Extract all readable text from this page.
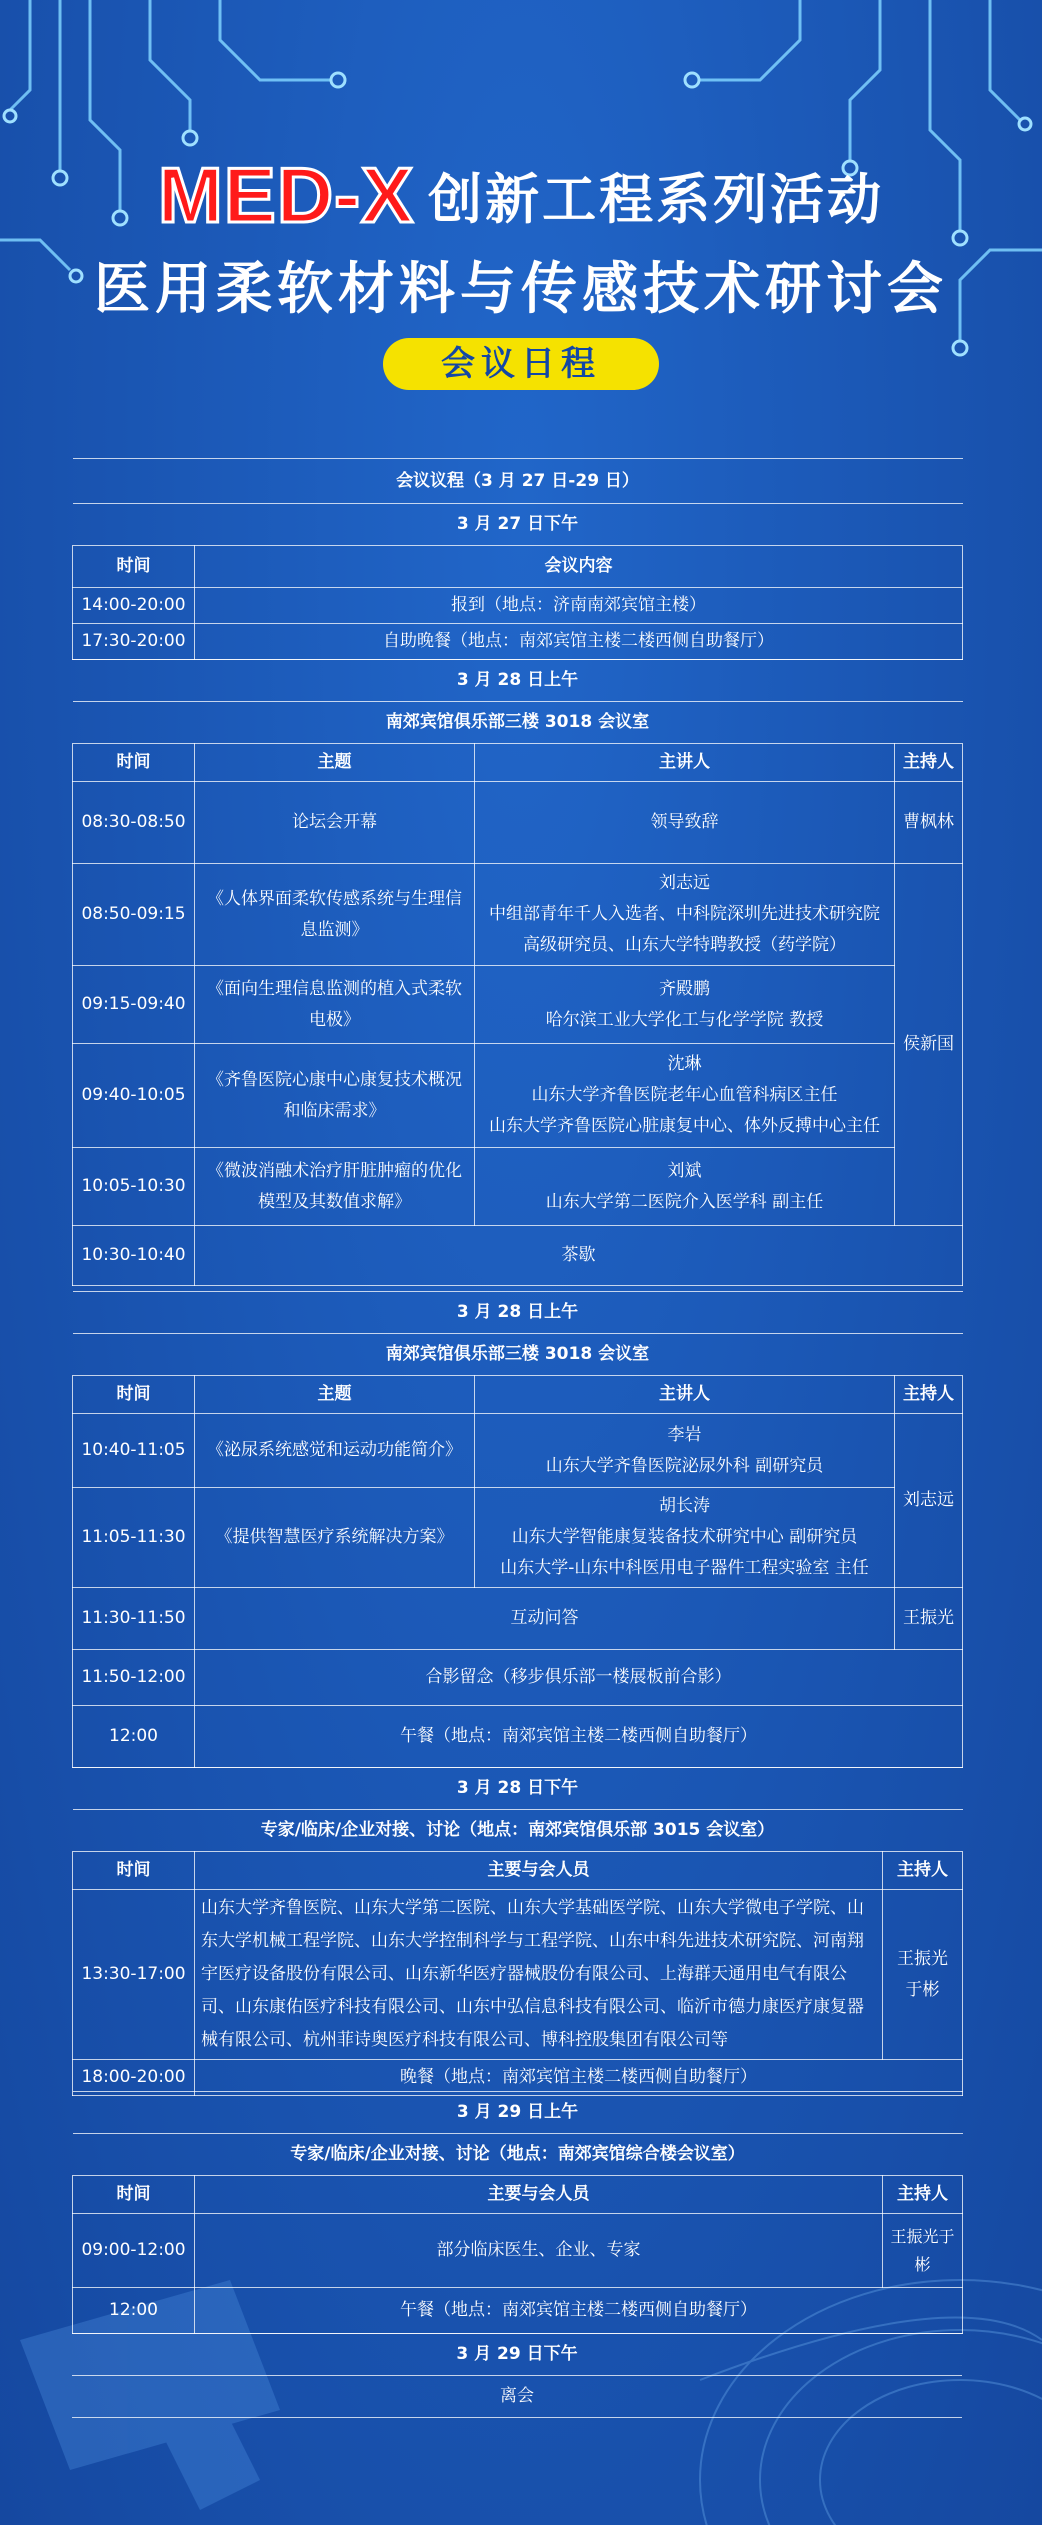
MED-X 创新工程系列活动
医用柔软材料与传感技术研讨会
会议日程
会议议程（3 月 27 日-29 日）	
3 月 27 日下午	
时间	会议内容
14:00-20:00	报到（地点：济南南郊宾馆主楼）
17:30-20:00	自助晚餐（地点：南郊宾馆主楼二楼西侧自助餐厅）
3 月 28 日上午			
南郊宾馆俱乐部三楼 3018 会议室			
时间	主题	主讲人	主持人
08:30-08:50	论坛会开幕	领导致辞	曹枫林
08:50-09:15	《人体界面柔软传感系统与生理信息监测》	刘志远
中组部青年千人入选者、中科院深圳先进技术研究院
高级研究员、山东大学特聘教授（药学院）	侯新国
09:15-09:40	《面向生理信息监测的植入式柔软电极》	齐殿鹏
哈尔滨工业大学化工与化学学院 教授	

09:40-10:05	《齐鲁医院心康中心康复技术概况和临床需求》	沈琳
山东大学齐鲁医院老年心血管科病区主任
山东大学齐鲁医院心脏康复中心、体外反搏中心主任	

10:05-10:30	《微波消融术治疗肝脏肿瘤的优化模型及其数值求解》	刘斌
山东大学第二医院介入医学科 副主任	

10:30-10:40	茶歇		
3 月 28 日上午			
南郊宾馆俱乐部三楼 3018 会议室			
时间	主题	主讲人	主持人
10:40-11:05	《泌尿系统感觉和运动功能简介》	李岩
山东大学齐鲁医院泌尿外科 副研究员	刘志远
11:05-11:30	《提供智慧医疗系统解决方案》	胡长涛
山东大学智能康复装备技术研究中心 副研究员
山东大学-山东中科医用电子器件工程实验室 主任	

11:30-11:50	互动问答		王振光
11:50-12:00	合影留念（移步俱乐部一楼展板前合影）		
12:00	午餐（地点：南郊宾馆主楼二楼西侧自助餐厅）		
3 月 28 日下午		
专家/临床/企业对接、讨论（地点：南郊宾馆俱乐部 3015 会议室）		
时间	主要与会人员	主持人
13:30-17:00	山东大学齐鲁医院、山东大学第二医院、山东大学基础医学院、山东大学微电子学院、山东大学机械工程学院、山东大学控制科学与工程学院、山东中科先进技术研究院、河南翔宇医疗设备股份有限公司、山东新华医疗器械股份有限公司、上海群天通用电气有限公司、山东康佑医疗科技有限公司、山东中弘信息科技有限公司、临沂市德力康医疗康复器械有限公司、杭州菲诗奥医疗科技有限公司、博科控股集团有限公司等	王振光
于彬

18:00-20:00	晚餐（地点：南郊宾馆主楼二楼西侧自助餐厅）	
3 月 29 日上午		
专家/临床/企业对接、讨论（地点：南郊宾馆综合楼会议室）		
时间	主要与会人员	主持人
09:00-12:00	部分临床医生、企业、专家	王振光于
彬

12:00	午餐（地点：南郊宾馆主楼二楼西侧自助餐厅）	
3 月 29 日下午
离会
